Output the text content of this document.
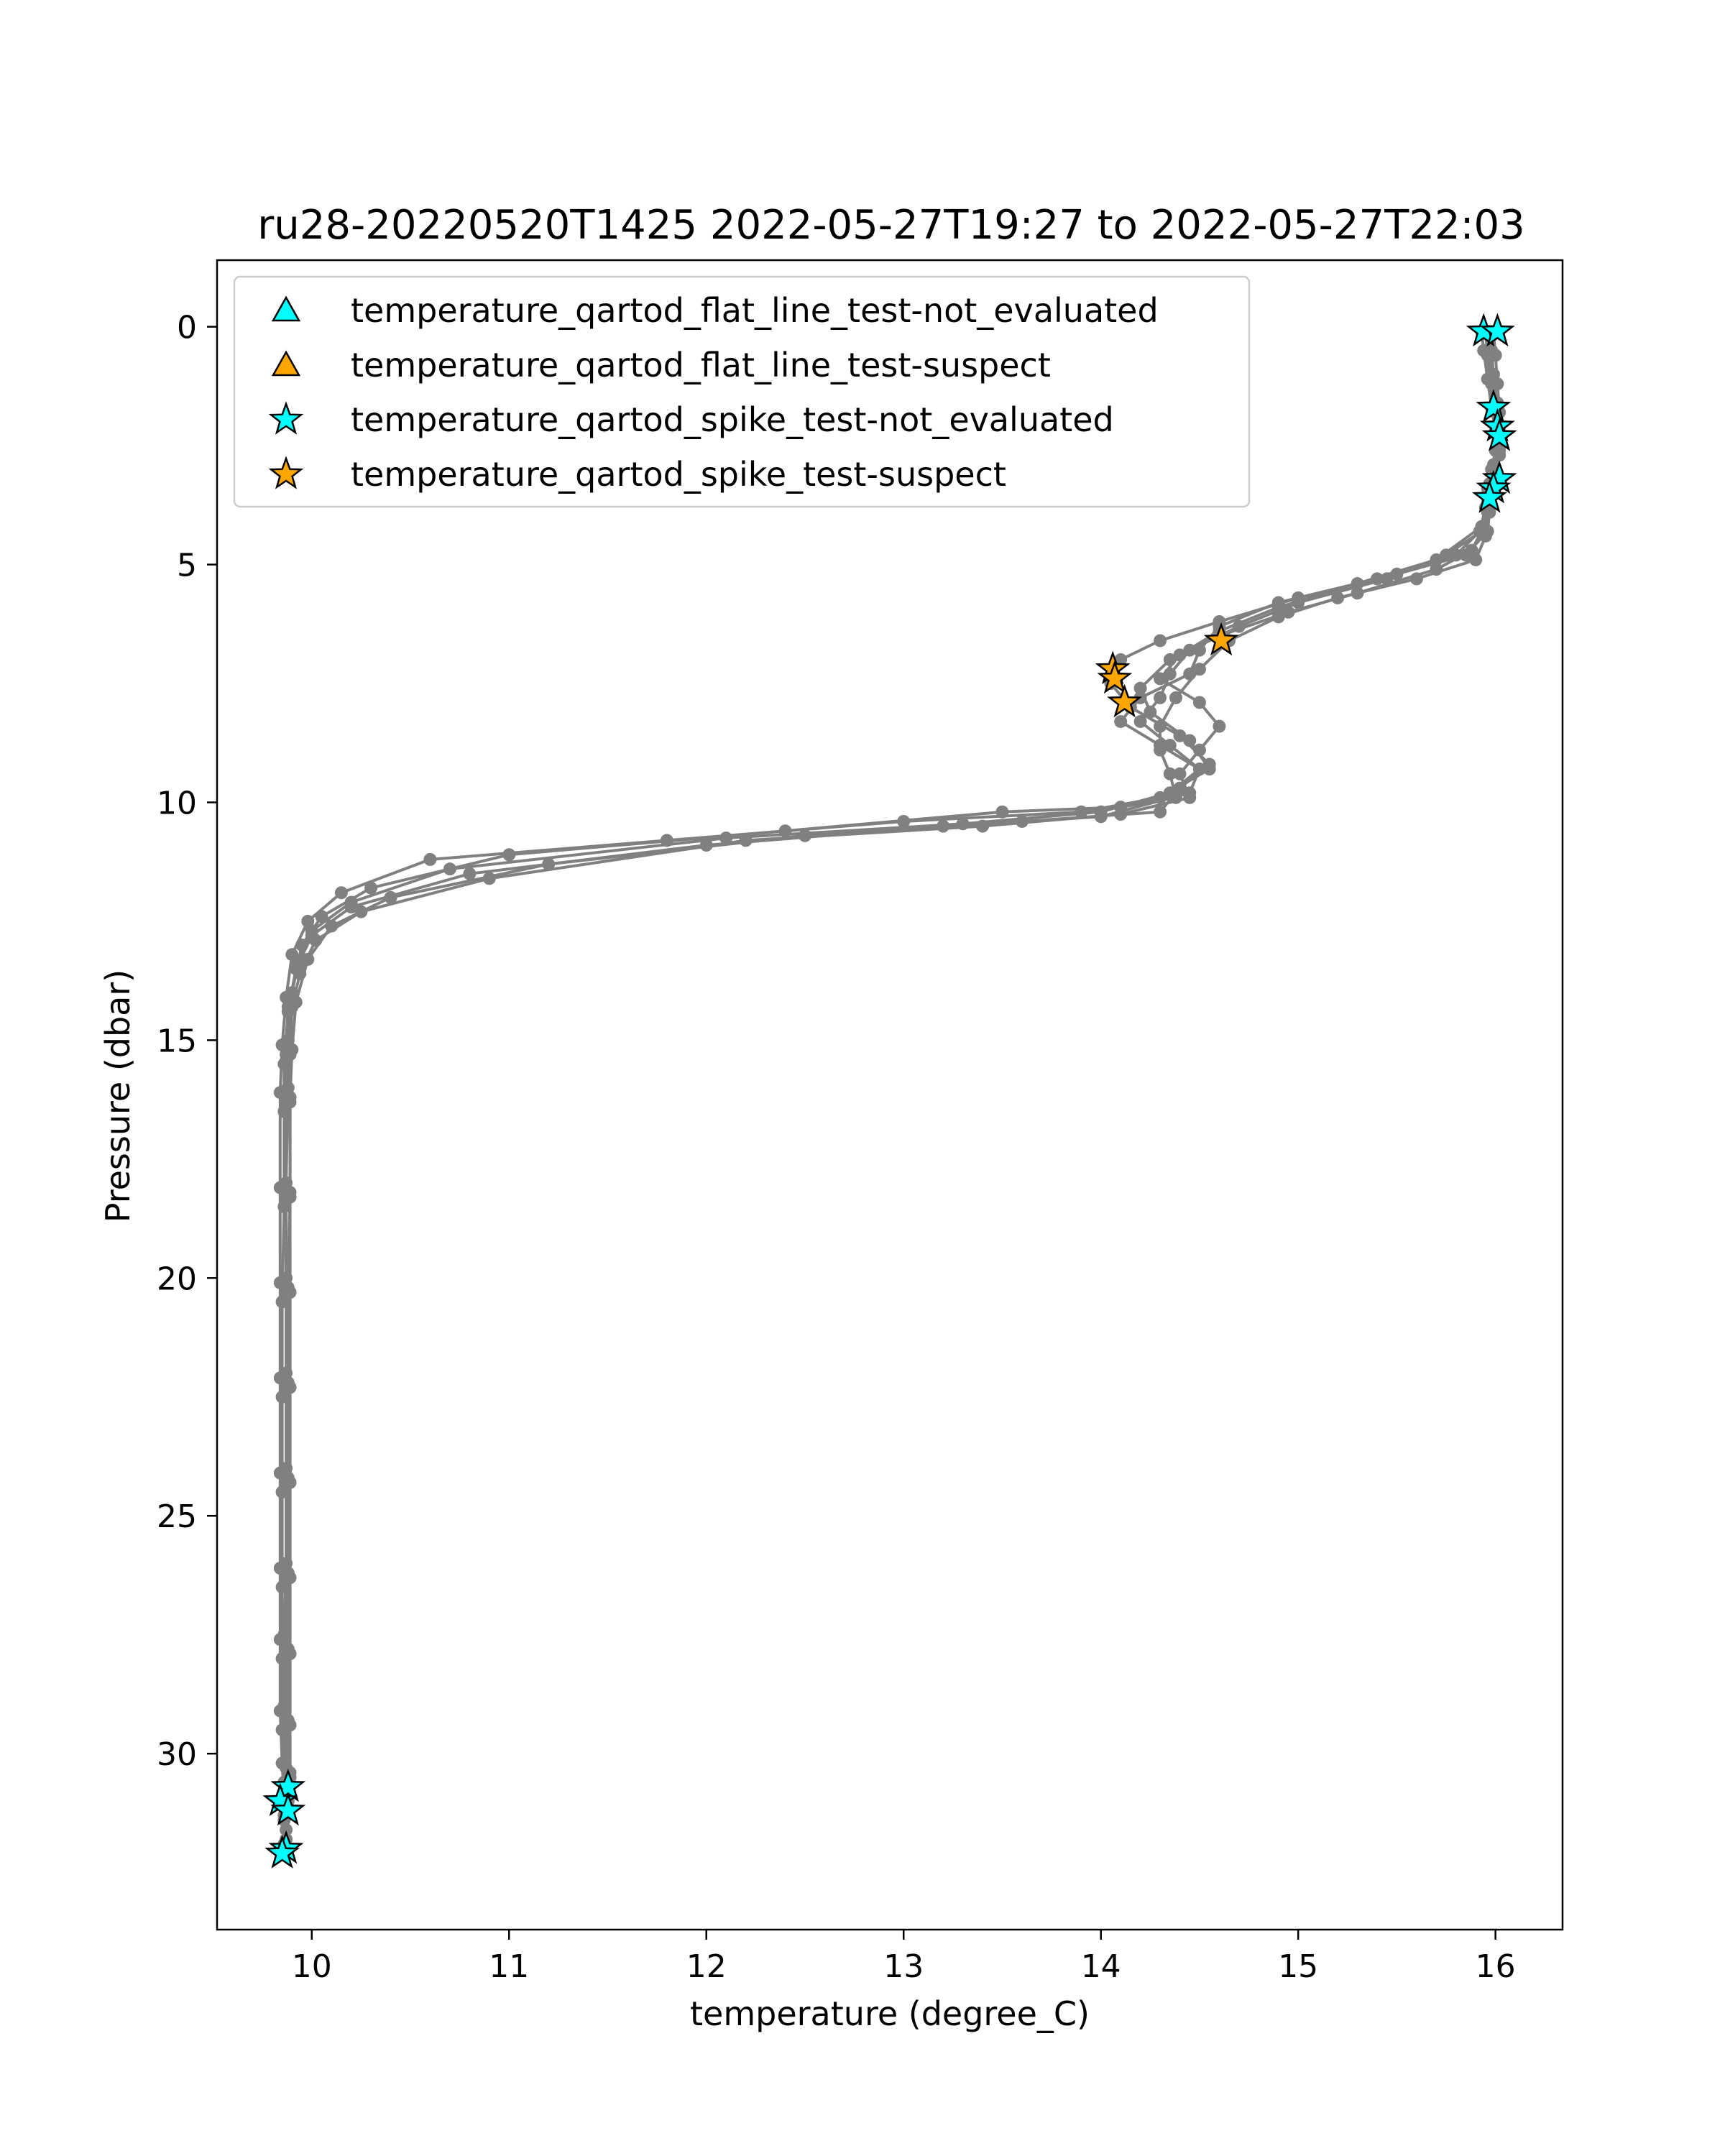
ru28-20220520T1425 2022-05-27T19:27 to 2022-05-27T22:03
10	11	12	13	14	15	16
0
5
10
15
20
25
30
temperature (degree_C)
Pressure (dbar)
temperature_qartod_flat_line_test-not_evaluated
temperature_qartod_flat_line_test-suspect
temperature_qartod_spike_test-not_evaluated
temperature_qartod_spike_test-suspect
